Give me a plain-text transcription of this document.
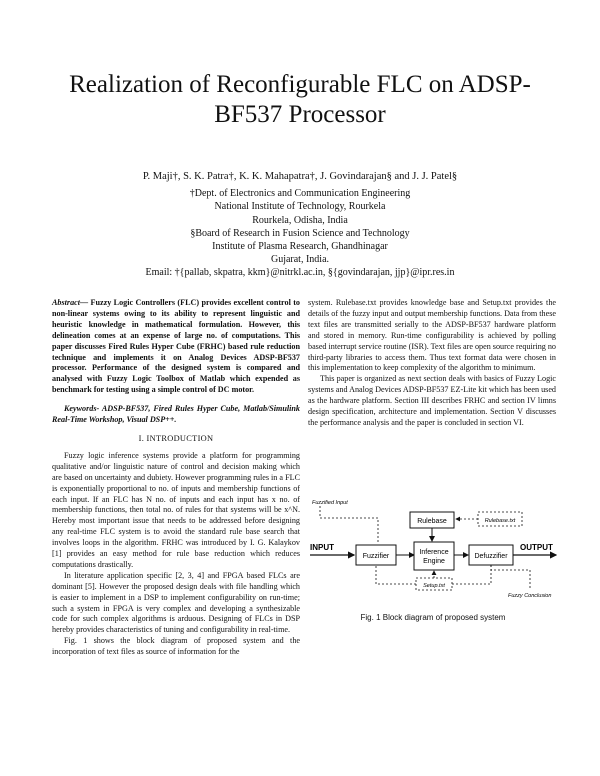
Realization of Reconfigurable FLC on ADSP-
BF537 Processor
P. Maji†, S. K. Patra†, K. K. Mahapatra†, J. Govindarajan§ and J. J. Patel§
†Dept. of Electronics and Communication Engineering
National Institute of Technology, Rourkela
Rourkela, Odisha, India
§Board of Research in Fusion Science and Technology
Institute of Plasma Research, Ghandhinagar
Gujarat, India.
Email: †{pallab, skpatra, kkm}@nitrkl.ac.in, §{govindarajan, jjp}@ipr.res.in

Abstract— Fuzzy Logic Controllers (FLC) provides excellent control to non-linear systems owing to its ability to represent linguistic and heuristic knowledge in mathematical formulation. However, this delineation comes at an expense of large no. of computations. This paper discusses Fired Rules Hyper Cube (FRHC) based rule reduction technique and implements it on Analog Devices ADSP-BF537 processor. Performance of the designed system is compared and analysed with Fuzzy Logic Toolbox of Matlab which expended as benchmark for testing using a simple control of DC motor.

Keywords- ADSP-BF537, Fired Rules Hyper Cube, Matlab/Simulink Real-Time Workshop, Visual DSP++.

I. INTRODUCTION

Fuzzy logic inference systems provide a platform for programming qualitative and/or linguistic nature of control and decision making which are based on uncertainty and dubiety. However programming rules in a FLC is exponentially proportional to no. of inputs and membership functions of each input. If an FLC has N no. of inputs and each input has x no. of membership functions, then total no. of rules for that systems will be x^N. Hereby most important issue that needs to be addressed before designing any real-time FLC system is to avoid the standard rule base search that involves loops in the algorithm. FRHC was introduced by I. G. Kalaykov [1] provides an easy method for rule base reduction which reduces computations drastically.

In literature application specific [2, 3, 4] and FPGA based FLCs are dominant [5]. However the proposed design deals with file handling which is easier to implement in a DSP to implement configurability on run-time; such a system in FPGA is very complex and developing a synthesizable code for such complex algorithms is arduous. Designing of FLCs in DSP hereby provides characteristics of tuning and configurability in real-time.

Fig. 1 shows the block diagram of proposed system and the incorporation of text files as source of information for the

system. Rulebase.txt provides knowledge base and Setup.txt provides the details of the fuzzy input and output membership functions. Data from these text files are transmitted serially to the ADSP-BF537 hardware platform and stored in memory. Run-time configurability is achieved by polling based interrupt service routine (ISR). Text files are open source requiring no third-party libraries to access them. Thus text format data were chosen in this implementation to keep complexity of the algorithm to minimum.

This paper is organized as next section deals with basics of Fuzzy Logic systems and Analog Devices ADSP-BF537 EZ-Lite kit which has been used as the hardware platform. Section III describes FRHC and section IV limns design specification, architecture and implementation. Section V discusses the performance analysis and the paper is concluded in section VI.

INPUT
Fuzzified Input
Fuzzifier
Rulebase	Rulebase.txt
Inference
Engine
Defuzzifier
OUTPUT
Setup.txt
Fuzzy Conclusion
Fig. 1 Block diagram of proposed system
